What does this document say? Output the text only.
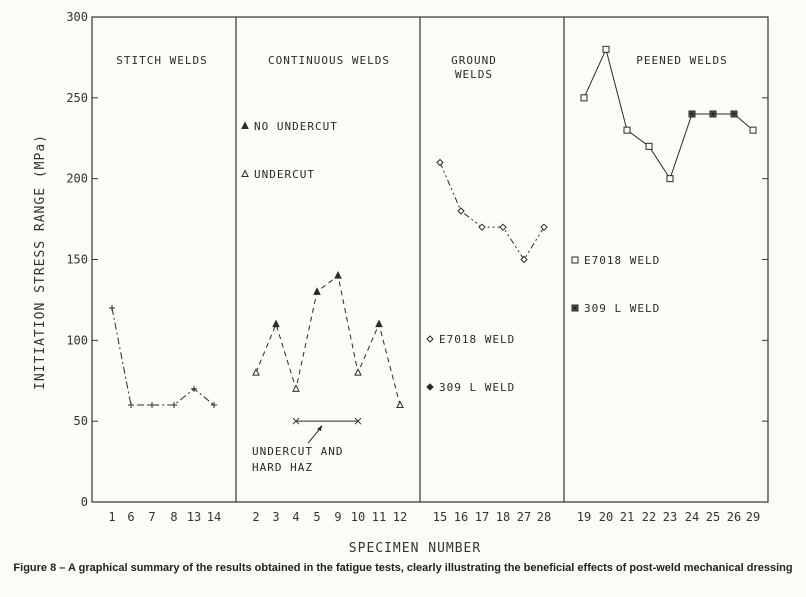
0
50
100
150
200
250
300
STITCH WELDS
1 6 7 8 13 14
CONTINUOUS WELDS
2 3 4 5 9 10 11 12
NO UNDERCUT
UNDERCUT
UNDERCUT AND
HARD HAZ
GROUND
WELDS
15 16 17 18 27 28
E7018 WELD
309 L WELD
PEENED WELDS
19 20 21 22 23 24 25 26 29
E7018 WELD
309 L WELD
INITIATION STRESS RANGE (MPa)
SPECIMEN NUMBER
Figure 8 – A graphical summary of the results obtained in the fatigue tests, clearly illustrating the beneficial effects of post-weld mechanical dressing
